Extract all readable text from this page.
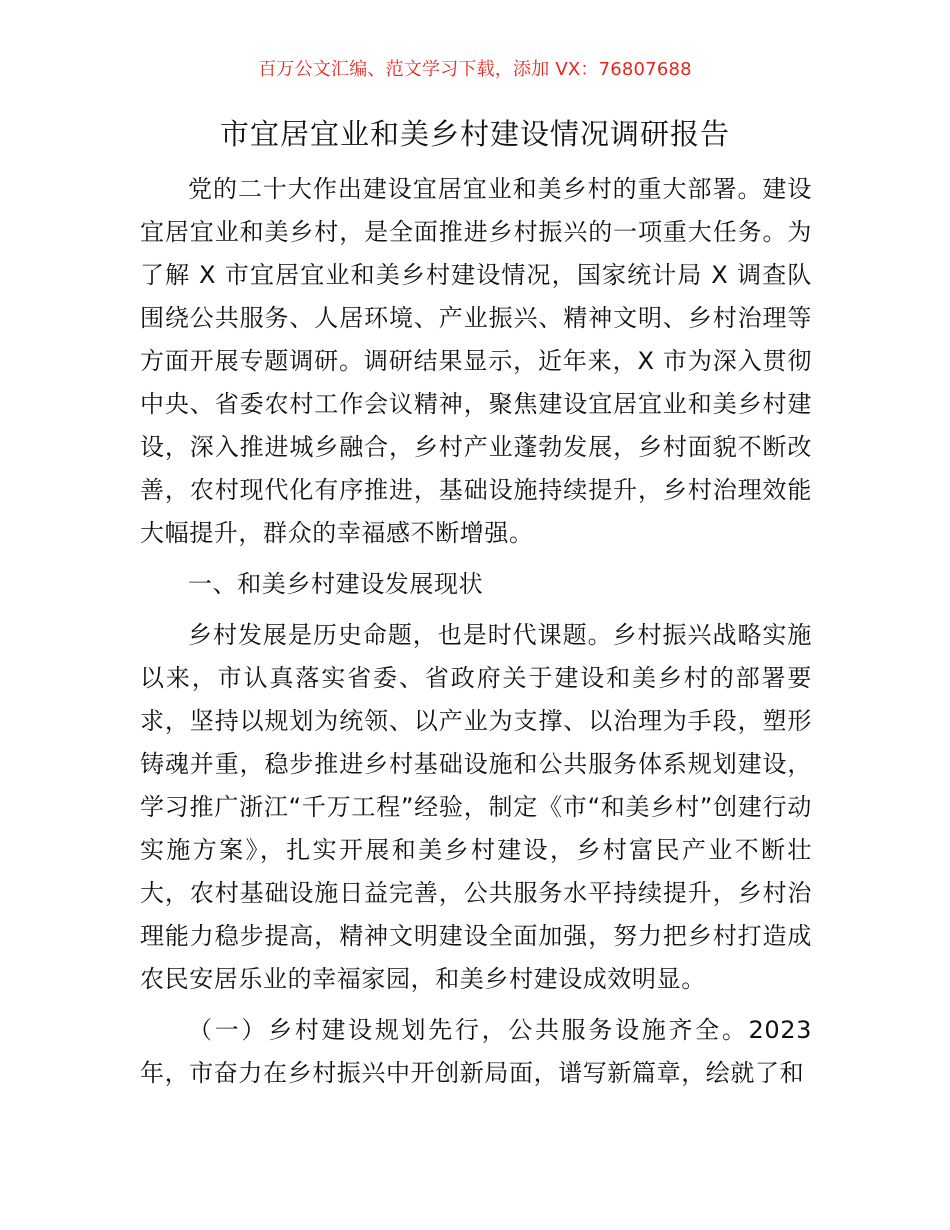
百万公文汇编、范文学习下载，添加 VX：76807688
市宜居宜业和美乡村建设情况调研报告

党的二十大作出建设宜居宜业和美乡村的重大部署。建设宜居宜业和美乡村，是全面推进乡村振兴的一项重大任务。为了解 X 市宜居宜业和美乡村建设情况，国家统计局 X 调查队围绕公共服务、人居环境、产业振兴、精神文明、乡村治理等方面开展专题调研。调研结果显示，近年来，X 市为深入贯彻中央、省委农村工作会议精神，聚焦建设宜居宜业和美乡村建设，深入推进城乡融合，乡村产业蓬勃发展，乡村面貌不断改善，农村现代化有序推进，基础设施持续提升，乡村治理效能大幅提升，群众的幸福感不断增强。

一、和美乡村建设发展现状

乡村发展是历史命题，也是时代课题。乡村振兴战略实施以来，市认真落实省委、省政府关于建设和美乡村的部署要求，坚持以规划为统领、以产业为支撑、以治理为手段，塑形铸魂并重，稳步推进乡村基础设施和公共服务体系规划建设，学习推广浙江“千万工程”经验，制定《市“和美乡村”创建行动实施方案》，扎实开展和美乡村建设，乡村富民产业不断壮大，农村基础设施日益完善，公共服务水平持续提升，乡村治理能力稳步提高，精神文明建设全面加强，努力把乡村打造成农民安居乐业的幸福家园，和美乡村建设成效明显。

（一）乡村建设规划先行，公共服务设施齐全。2023 年，市奋力在乡村振兴中开创新局面，谱写新篇章，绘就了和
